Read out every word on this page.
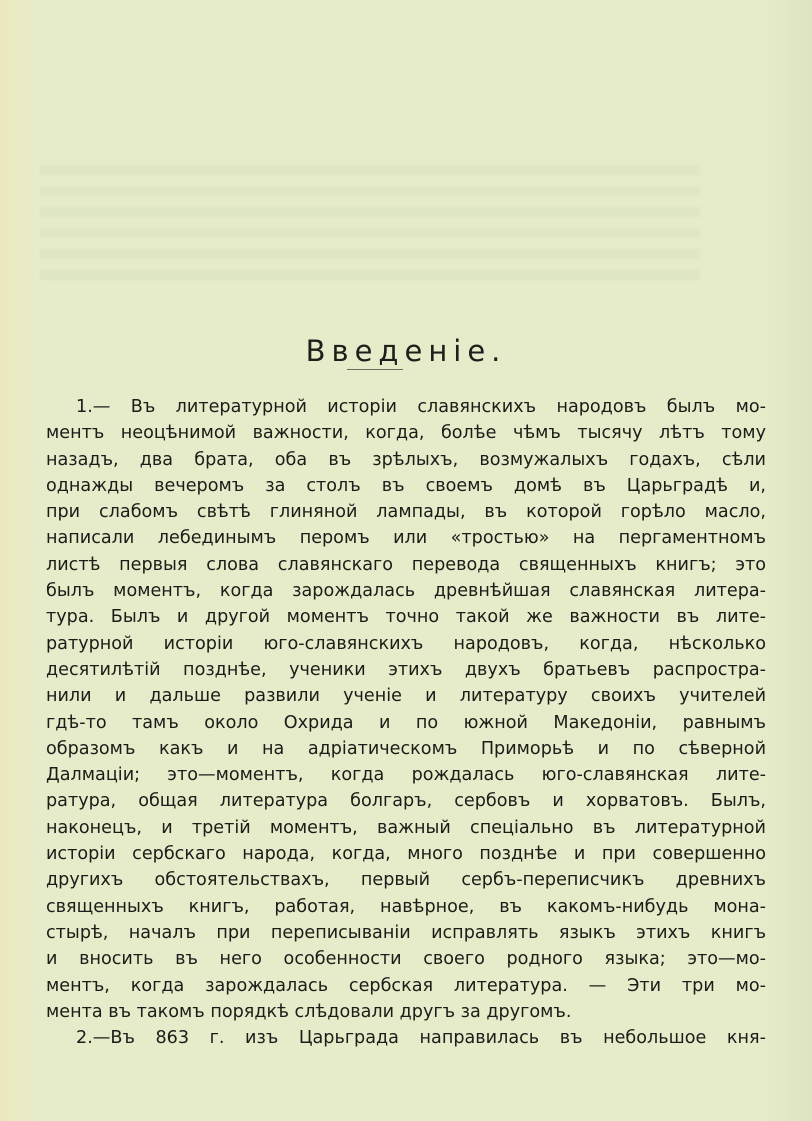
Введенiе.
1.— Въ литературной исторiи славянскихъ народовъ былъ мо-
ментъ неоцѣнимой важности, когда, болѣе чѣмъ тысячу лѣтъ тому
назадъ, два брата, оба въ зрѣлыхъ, возмужалыхъ годахъ, сѣли
однажды вечеромъ за столъ въ своемъ домѣ въ Царьградѣ и,
при слабомъ свѣтѣ глиняной лампады, въ которой горѣло масло,
написали лебединымъ перомъ или «тростью» на пергаментномъ
листѣ первыя слова славянскаго перевода священныхъ книгъ; это
былъ моментъ, когда зарождалась древнѣйшая славянская литера-
тура. Былъ и другой моментъ точно такой же важности въ лите-
ратурной исторiи юго-славянскихъ народовъ, когда, нѣсколько
десятилѣтiй позднѣе, ученики этихъ двухъ братьевъ распростра-
нили и дальше развили ученiе и литературу своихъ учителей
гдѣ-то тамъ около Охрида и по южной Македонiи, равнымъ
образомъ какъ и на адрiатическомъ Приморьѣ и по сѣверной
Далмацiи; это—моментъ, когда рождалась юго-славянская лите-
ратура, общая литература болгаръ, сербовъ и хорватовъ. Былъ,
наконецъ, и третiй моментъ, важный спецiально въ литературной
исторiи сербскаго народа, когда, много позднѣе и при совершенно
другихъ обстоятельствахъ, первый сербъ-переписчикъ древнихъ
священныхъ книгъ, работая, навѣрное, въ какомъ-нибудь мона-
стырѣ, началъ при переписыванiи исправлять языкъ этихъ книгъ
и вносить въ него особенности своего родного языка; это—мо-
ментъ, когда зарождалась сербская литература. — Эти три мо-
мента въ такомъ порядкѣ слѣдовали другъ за другомъ.
2.—Въ 863 г. изъ Царьграда направилась въ небольшое кня-
